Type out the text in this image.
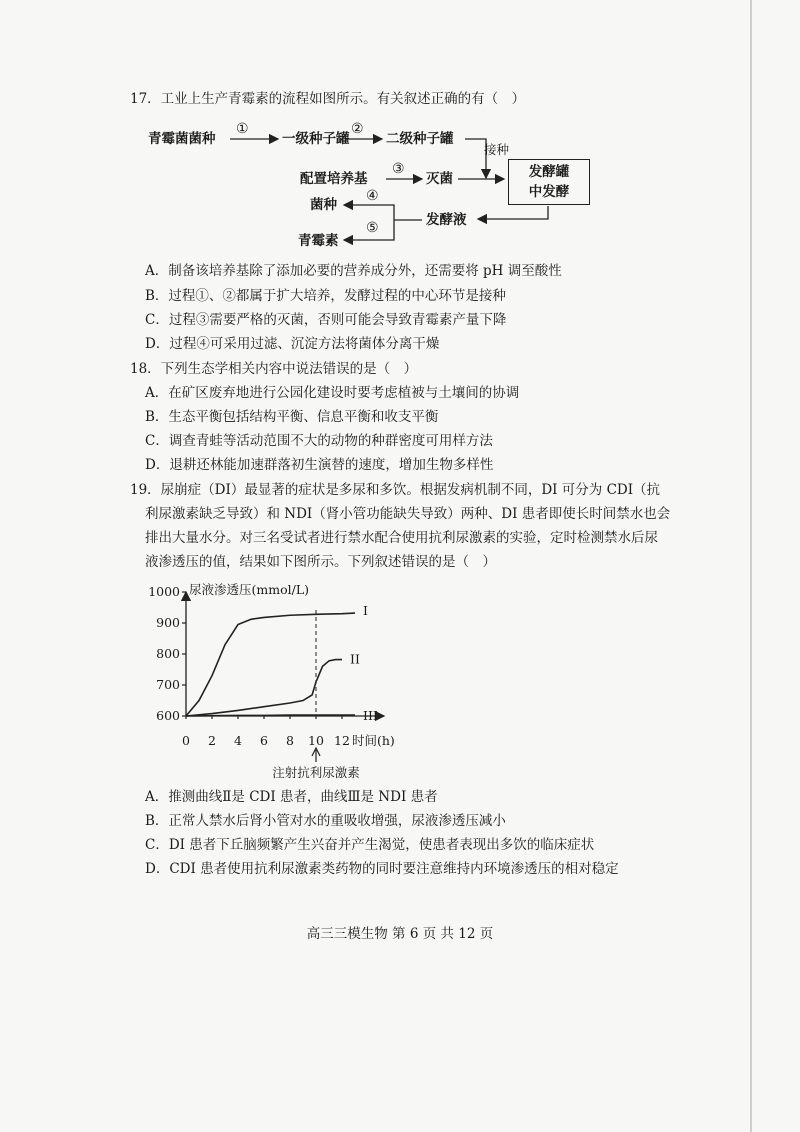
17．工业上生产青霉素的流程如图所示。有关叙述正确的有（　）
青霉菌菌种
①
一级种子罐
②
二级种子罐
接种
配置培养基
③
灭菌	发酵罐
中发酵
菌种
④
发酵液
⑤
青霉素
A．制备该培养基除了添加必要的营养成分外，还需要将 pH 调至酸性
B．过程①、②都属于扩大培养，发酵过程的中心环节是接种
C．过程③需要严格的灭菌，否则可能会导致青霉素产量下降
D．过程④可采用过滤、沉淀方法将菌体分离干燥
18．下列生态学相关内容中说法错误的是（　）
A．在矿区废弃地进行公园化建设时要考虑植被与土壤间的协调
B．生态平衡包括结构平衡、信息平衡和收支平衡
C．调查青蛙等活动范围不大的动物的种群密度可用样方法
D．退耕还林能加速群落初生演替的速度，增加生物多样性
19．尿崩症（DI）最显著的症状是多尿和多饮。根据发病机制不同，DI 可分为 CDI（抗
利尿激素缺乏导致）和 NDI（肾小管功能缺失导致）两种、DI 患者即使长时间禁水也会
排出大量水分。对三名受试者进行禁水配合使用抗利尿激素的实验，定时检测禁水后尿
液渗透压的值，结果如下图所示。下列叙述错误的是（　）
600
700
800
900
1000
0 2 4 6 8 10 12
尿液渗透压(mmol/L)
时间(h)
注射抗利尿激素
I
II
III
A．推测曲线Ⅱ是 CDI 患者，曲线Ⅲ是 NDI 患者
B．正常人禁水后肾小管对水的重吸收增强，尿液渗透压减小
C．DI 患者下丘脑频繁产生兴奋并产生渴觉，使患者表现出多饮的临床症状
D．CDI 患者使用抗利尿激素类药物的同时要注意维持内环境渗透压的相对稳定
高三三模生物 第 6 页 共 12 页
